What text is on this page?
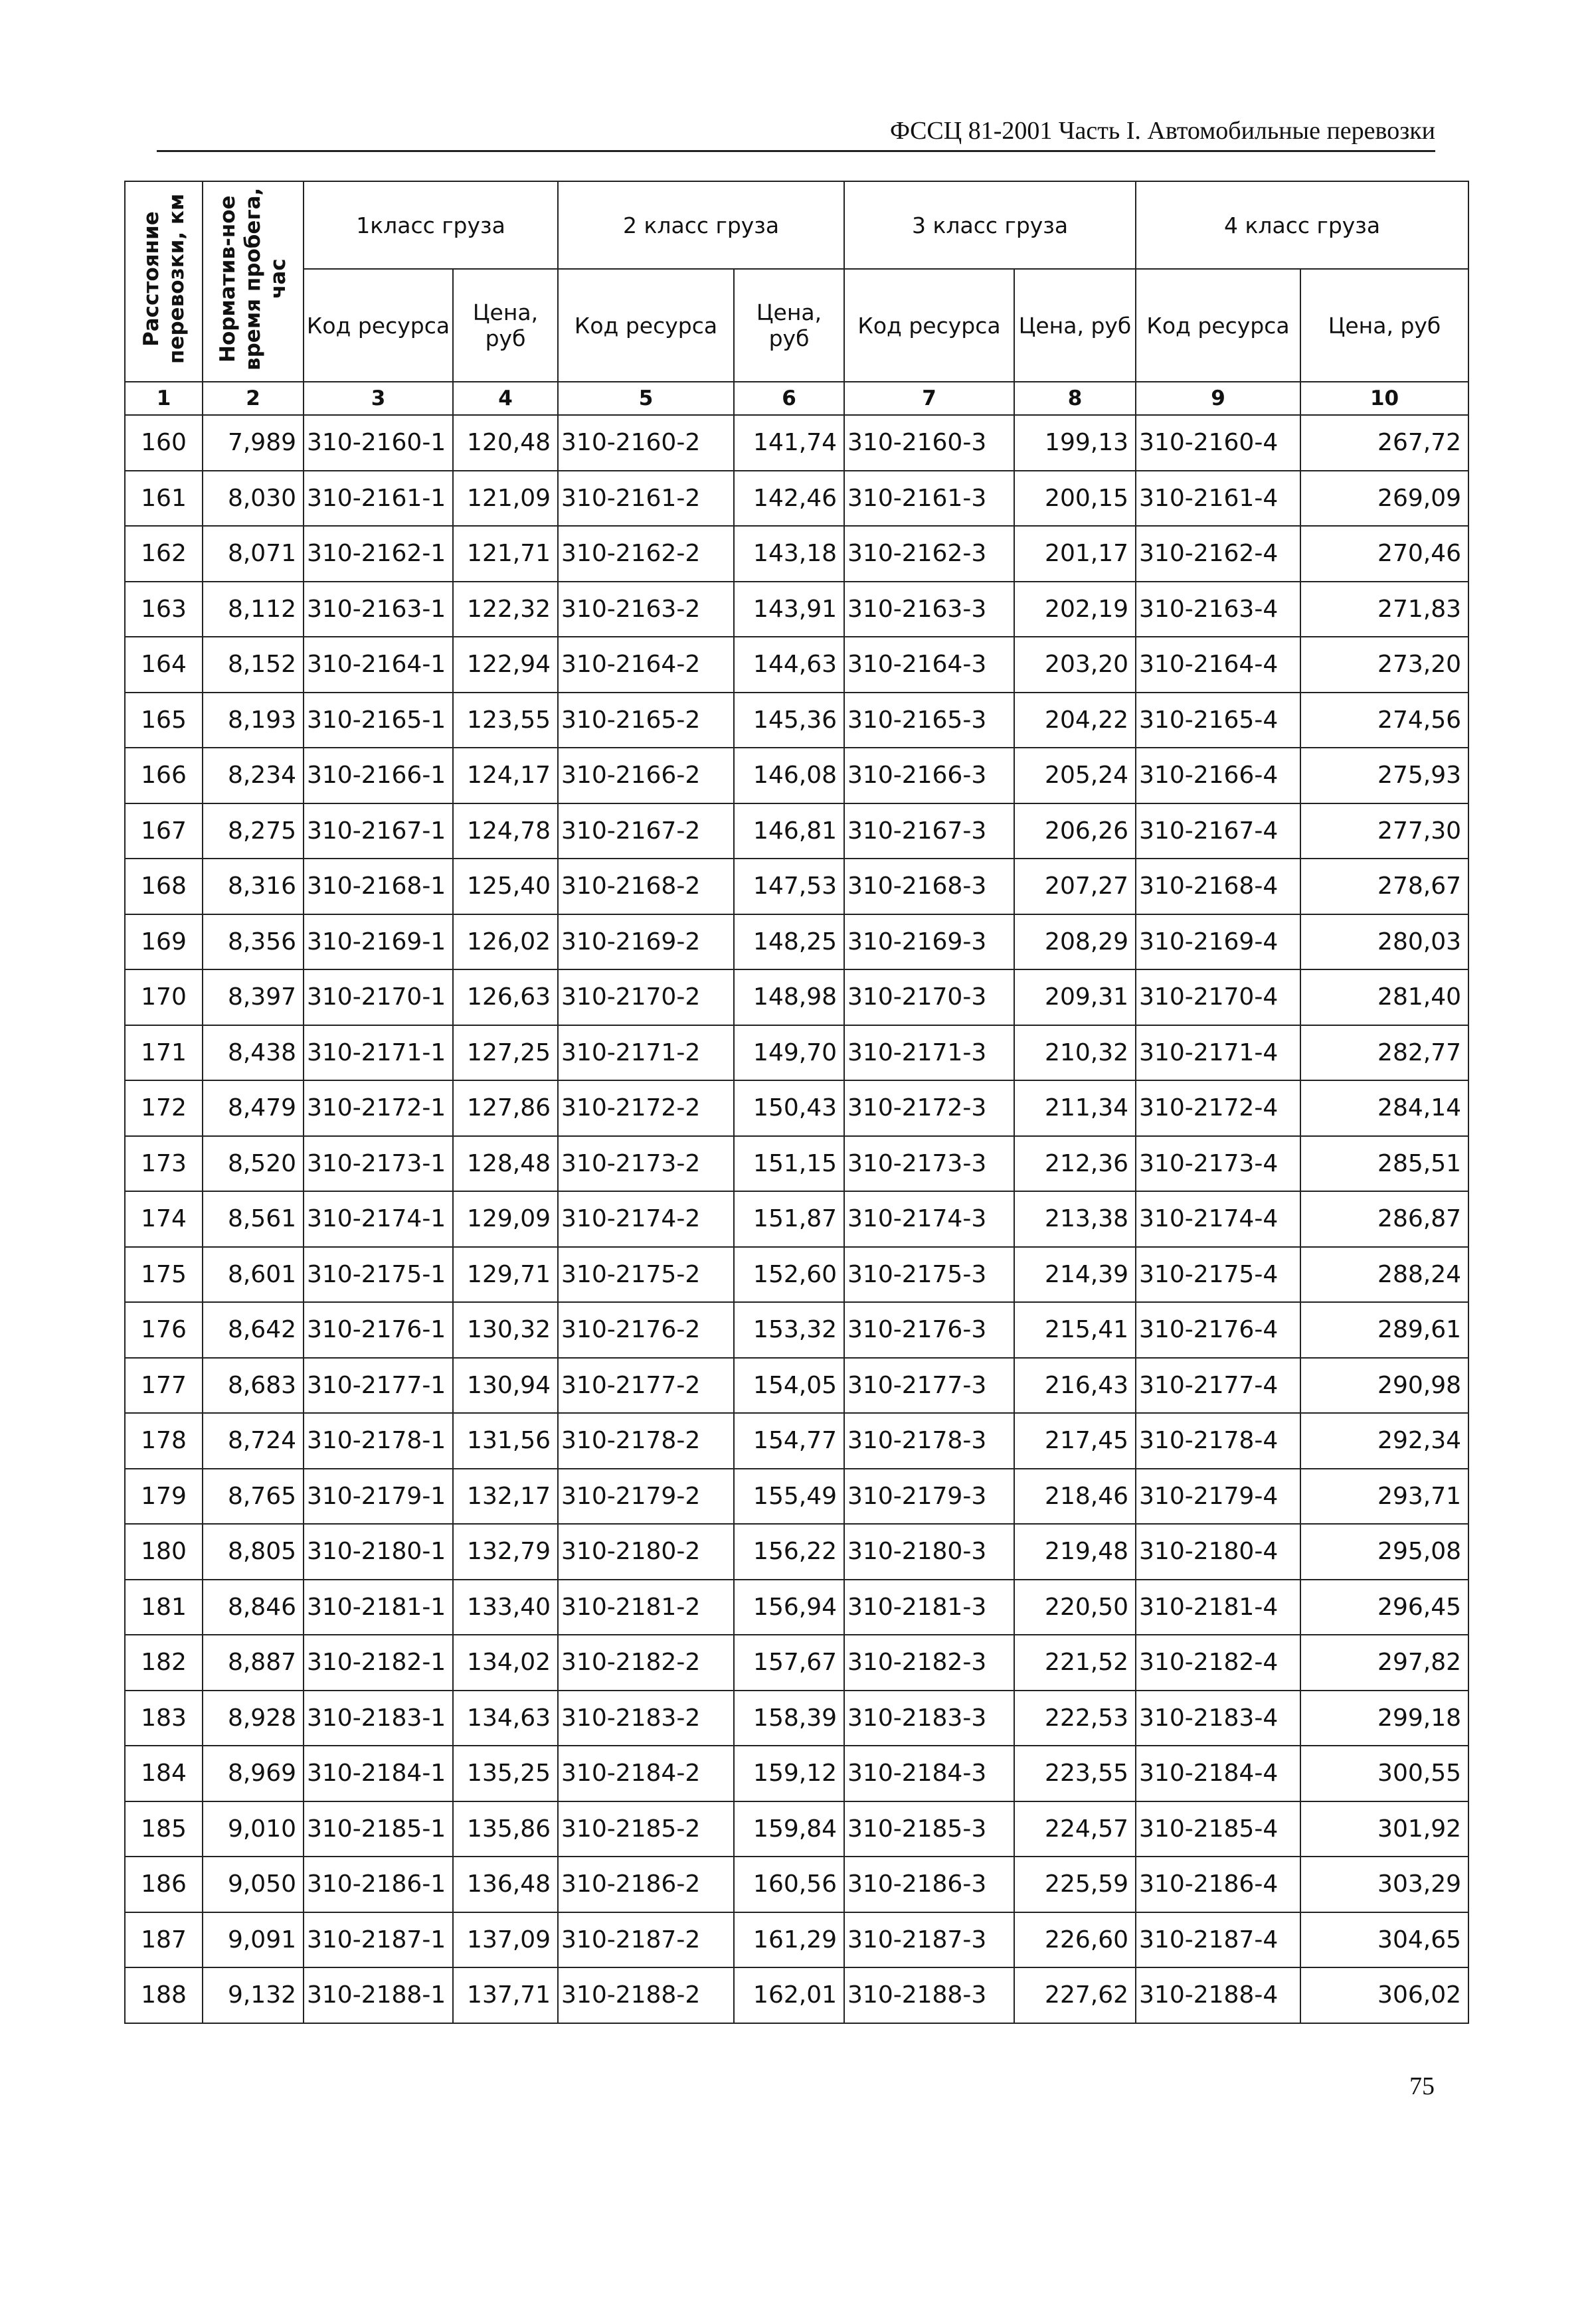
ФССЦ 81-2001 Часть I. Автомобильные перевозки
Расстояние перевозки, км	Норматив-ное время пробега, час	1класс груза		2 класс груза		3 класс груза		4 класс груза	
		Код ресурса	Цена, руб	Код ресурса	Цена, руб	Код ресурса	Цена, руб	Код ресурса	Цена, руб
1	2	3	4	5	6	7	8	9	10
160	7,989	310-2160-1	120,48	310-2160-2	141,74	310-2160-3	199,13	310-2160-4	267,72
161	8,030	310-2161-1	121,09	310-2161-2	142,46	310-2161-3	200,15	310-2161-4	269,09
162	8,071	310-2162-1	121,71	310-2162-2	143,18	310-2162-3	201,17	310-2162-4	270,46
163	8,112	310-2163-1	122,32	310-2163-2	143,91	310-2163-3	202,19	310-2163-4	271,83
164	8,152	310-2164-1	122,94	310-2164-2	144,63	310-2164-3	203,20	310-2164-4	273,20
165	8,193	310-2165-1	123,55	310-2165-2	145,36	310-2165-3	204,22	310-2165-4	274,56
166	8,234	310-2166-1	124,17	310-2166-2	146,08	310-2166-3	205,24	310-2166-4	275,93
167	8,275	310-2167-1	124,78	310-2167-2	146,81	310-2167-3	206,26	310-2167-4	277,30
168	8,316	310-2168-1	125,40	310-2168-2	147,53	310-2168-3	207,27	310-2168-4	278,67
169	8,356	310-2169-1	126,02	310-2169-2	148,25	310-2169-3	208,29	310-2169-4	280,03
170	8,397	310-2170-1	126,63	310-2170-2	148,98	310-2170-3	209,31	310-2170-4	281,40
171	8,438	310-2171-1	127,25	310-2171-2	149,70	310-2171-3	210,32	310-2171-4	282,77
172	8,479	310-2172-1	127,86	310-2172-2	150,43	310-2172-3	211,34	310-2172-4	284,14
173	8,520	310-2173-1	128,48	310-2173-2	151,15	310-2173-3	212,36	310-2173-4	285,51
174	8,561	310-2174-1	129,09	310-2174-2	151,87	310-2174-3	213,38	310-2174-4	286,87
175	8,601	310-2175-1	129,71	310-2175-2	152,60	310-2175-3	214,39	310-2175-4	288,24
176	8,642	310-2176-1	130,32	310-2176-2	153,32	310-2176-3	215,41	310-2176-4	289,61
177	8,683	310-2177-1	130,94	310-2177-2	154,05	310-2177-3	216,43	310-2177-4	290,98
178	8,724	310-2178-1	131,56	310-2178-2	154,77	310-2178-3	217,45	310-2178-4	292,34
179	8,765	310-2179-1	132,17	310-2179-2	155,49	310-2179-3	218,46	310-2179-4	293,71
180	8,805	310-2180-1	132,79	310-2180-2	156,22	310-2180-3	219,48	310-2180-4	295,08
181	8,846	310-2181-1	133,40	310-2181-2	156,94	310-2181-3	220,50	310-2181-4	296,45
182	8,887	310-2182-1	134,02	310-2182-2	157,67	310-2182-3	221,52	310-2182-4	297,82
183	8,928	310-2183-1	134,63	310-2183-2	158,39	310-2183-3	222,53	310-2183-4	299,18
184	8,969	310-2184-1	135,25	310-2184-2	159,12	310-2184-3	223,55	310-2184-4	300,55
185	9,010	310-2185-1	135,86	310-2185-2	159,84	310-2185-3	224,57	310-2185-4	301,92
186	9,050	310-2186-1	136,48	310-2186-2	160,56	310-2186-3	225,59	310-2186-4	303,29
187	9,091	310-2187-1	137,09	310-2187-2	161,29	310-2187-3	226,60	310-2187-4	304,65
188	9,132	310-2188-1	137,71	310-2188-2	162,01	310-2188-3	227,62	310-2188-4	306,02
75
